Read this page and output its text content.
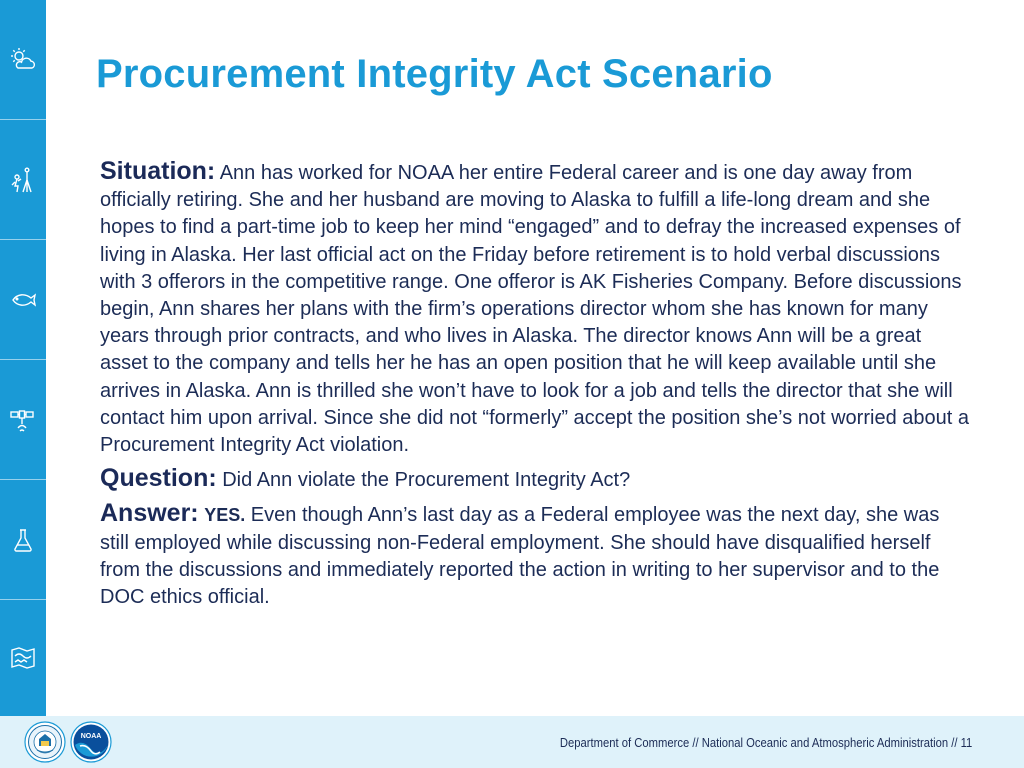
Procurement Integrity Act Scenario

Situation: Ann has worked for NOAA her entire Federal career and is one day away from officially retiring. She and her husband are moving to Alaska to fulfill a life-long dream and she hopes to find a part-time job to keep her mind “engaged” and to defray the increased expenses of living in Alaska. Her last official act on the Friday before retirement is to hold verbal discussions with 3 offerors in the competitive range. One offeror is AK Fisheries Company. Before discussions begin, Ann shares her plans with the firm’s operations director whom she has known for many years through prior contracts, and who lives in Alaska. The director knows Ann will be a great asset to the company and tells her he has an open position that he will keep available until she arrives in Alaska. Ann is thrilled she won’t have to look for a job and tells the director that she will contact him upon arrival. Since she did not “formerly” accept the position she’s not worried about a Procurement Integrity Act violation.

Question: Did Ann violate the Procurement Integrity Act?

Answer: YES. Even though Ann’s last day as a Federal employee was the next day, she was still employed while discussing non-Federal employment. She should have disqualified herself from the discussions and immediately reported the action in writing to her supervisor and to the DOC ethics official.

Department of Commerce // National Oceanic and Atmospheric Administration // 11
NOAA
